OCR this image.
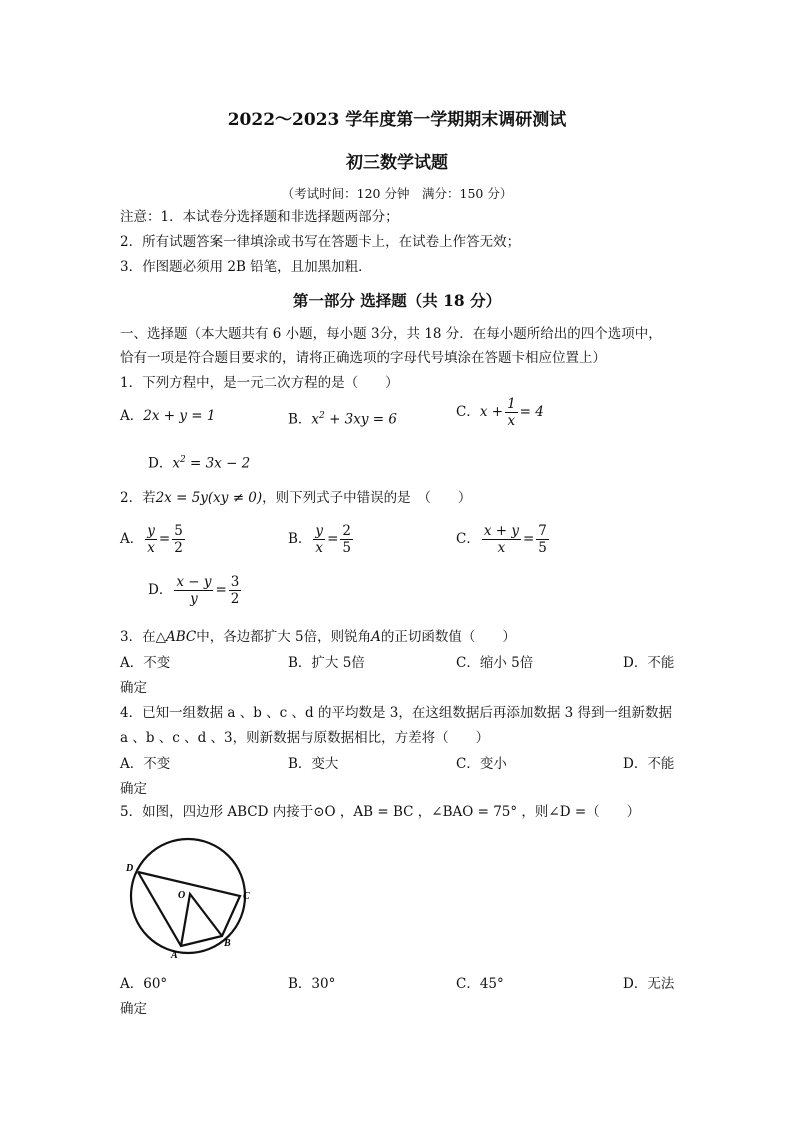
2022～2023 学年度第一学期期末调研测试
初三数学试题
（考试时间：120 分钟　满分：150 分）
注意：1．本试卷分选择题和非选择题两部分；
2．所有试题答案一律填涂或书写在答题卡上，在试卷上作答无效；
3．作图题必须用 2B 铅笔，且加黑加粗．
第一部分 选择题（共 18 分）
一、选择题（本大题共有 6 小题，每小题 3分，共 18 分．在每小题所给出的四个选项中，
恰有一项是符合题目要求的，请将正确选项的字母代号填涂在答题卡相应位置上）
1．下列方程中，是一元二次方程的是（　　）
A．2x + y = 1	B．$x^2 + 3xy = 6$	C．$x + \frac{1}{x} = 4$
D．$x^2 = 3x - 2$
2．若2x = 5y(xy ≠ 0)，则下列式子中错误的是　（　　）
A． $\frac{y}{x} = \frac{5}{2}$	B． $\frac{y}{x} = \frac{2}{5}$	C． $\frac{x + y}{x} = \frac{7}{5}$
D． $\frac{x - y}{y} = \frac{3}{2}$
3．在△ABC中，各边都扩大 5倍，则锐角A的正切函数值（　　）
A．不变	B．扩大 5倍	C．缩小 5倍	D．不能
确定
4．已知一组数据 a 、b 、c 、d 的平均数是 3，在这组数据后再添加数据 3 得到一组新数据
a 、b 、c 、d 、3，则新数据与原数据相比，方差将（　　）
A．不变	B．变大	C．变小	D．不能
确定
5．如图，四边形 ABCD 内接于⊙O ，AB = BC ，∠BAO = 75° ，则∠D =（　　）
D
O	C
A
B
A．60°	B．30°	C．45°	D．无法
确定
